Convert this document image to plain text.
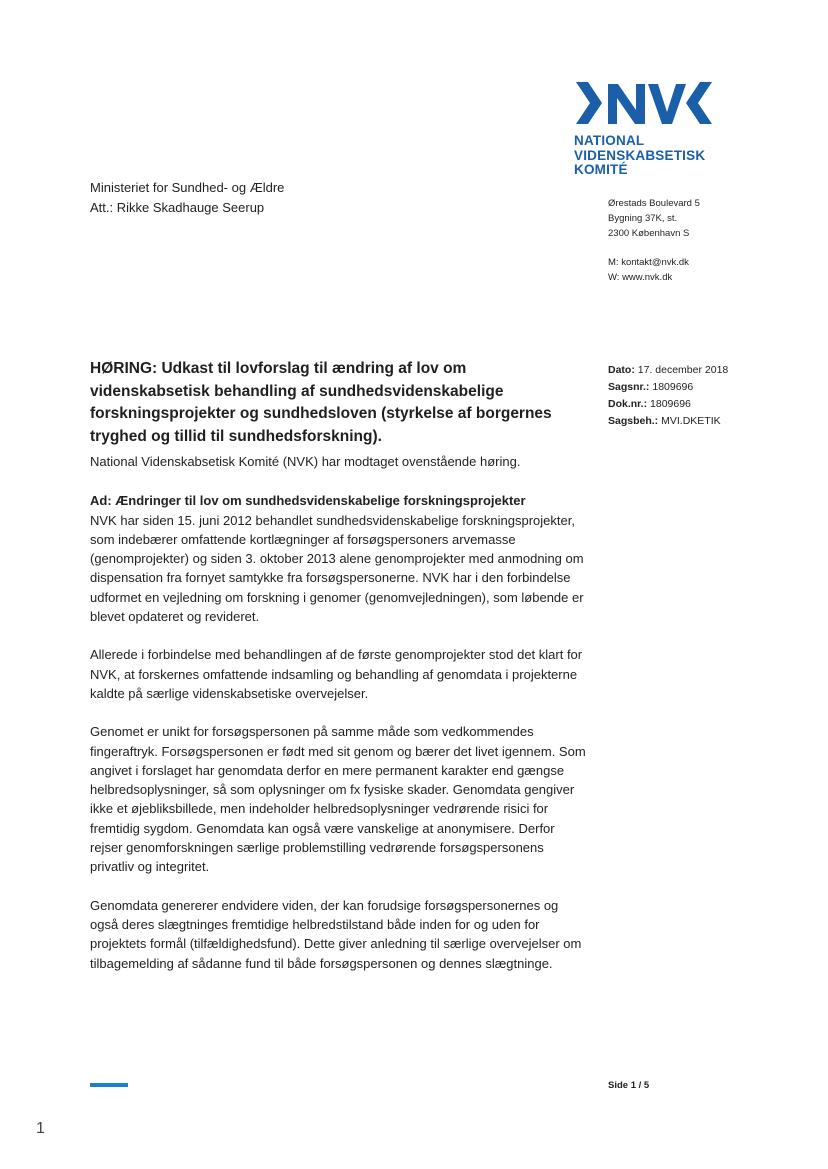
NATIONAL
VIDENSKABSETISK
KOMITÉ
Ministeriet for Sundhed- og Ældre
Att.: Rikke Skadhauge Seerup	Ørestads Boulevard 5
Bygning 37K, st.
2300 København S
M: kontakt@nvk.dk
W: www.nvk.dk
Dato: 17. december 2018
Sagsnr.: 1809696
Dok.nr.: 1809696
Sagsbeh.: MVI.DKETIK
HØRING: Udkast til lovforslag til ændring af lov om videnskabsetisk behandling af sundhedsvidenskabelige forskningsprojekter og sundhedsloven (styrkelse af borgernes tryghed og tillid til sundhedsforskning).

National Videnskabsetisk Komité (NVK) har modtaget ovenstående høring.

Ad: Ændringer til lov om sundhedsvidenskabelige forskningsprojekter
NVK har siden 15. juni 2012 behandlet sundhedsvidenskabelige forskningsprojekter, som indebærer omfattende kortlægninger af forsøgspersoners arvemasse (genomprojekter) og siden 3. oktober 2013 alene genomprojekter med anmodning om dispensation fra fornyet samtykke fra forsøgspersonerne. NVK har i den forbindelse udformet en vejledning om forskning i genomer (genomvejledningen), som løbende er blevet opdateret og revideret.

Allerede i forbindelse med behandlingen af de første genomprojekter stod det klart for NVK, at forskernes omfattende indsamling og behandling af genomdata i projekterne kaldte på særlige videnskabsetiske overvejelser.

Genomet er unikt for forsøgspersonen på samme måde som vedkommendes fingeraftryk. Forsøgspersonen er født med sit genom og bærer det livet igennem. Som angivet i forslaget har genomdata derfor en mere permanent karakter end gængse helbredsoplysninger, så som oplysninger om fx fysiske skader. Genomdata gengiver ikke et øjebliksbillede, men indeholder helbredsoplysninger vedrørende risici for fremtidig sygdom. Genomdata kan også være vanskelige at anonymisere. Derfor rejser genomforskningen særlige problemstilling vedrørende forsøgspersonens privatliv og integritet.

Genomdata genererer endvidere viden, der kan forudsige forsøgspersonernes og også deres slægtninges fremtidige helbredstilstand både inden for og uden for projektets formål (tilfældighedsfund). Dette giver anledning til særlige overvejelser om tilbagemelding af sådanne fund til både forsøgspersonen og dennes slægtninge.

Side 1 / 5
1
